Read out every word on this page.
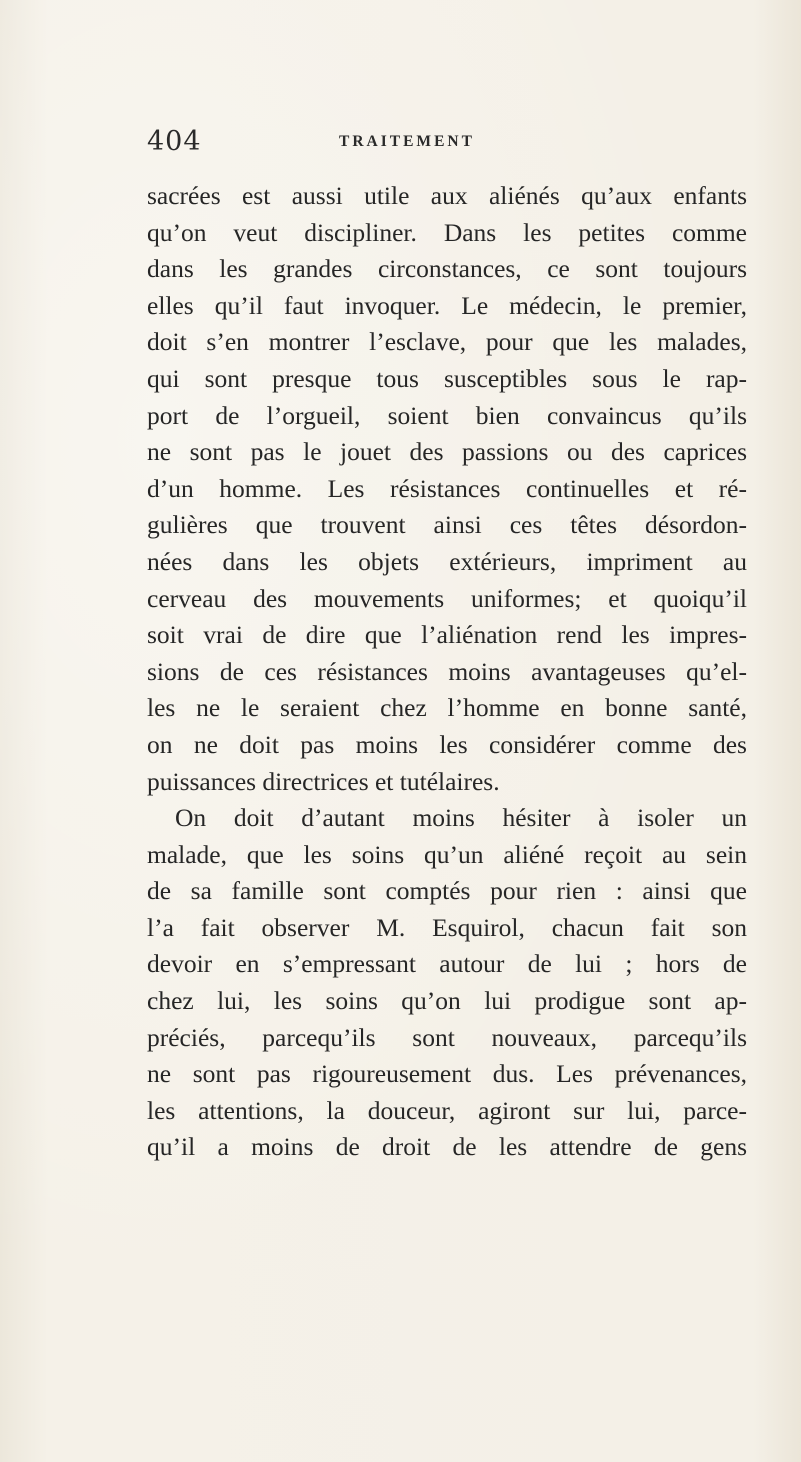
404	TRAITEMENT
sacrées est aussi utile aux aliénés qu’aux enfants
qu’on veut discipliner. Dans les petites comme
dans les grandes circonstances, ce sont toujours
elles qu’il faut invoquer. Le médecin, le premier,
doit s’en montrer l’esclave, pour que les malades,
qui sont presque tous susceptibles sous le rap-
port de l’orgueil, soient bien convaincus qu’ils
ne sont pas le jouet des passions ou des caprices
d’un homme. Les résistances continuelles et ré-
gulières que trouvent ainsi ces têtes désordon-
nées dans les objets extérieurs, impriment au
cerveau des mouvements uniformes; et quoiqu’il
soit vrai de dire que l’aliénation rend les impres-
sions de ces résistances moins avantageuses qu’el-
les ne le seraient chez l’homme en bonne santé,
on ne doit pas moins les considérer comme des
puissances directrices et tutélaires.
On doit d’autant moins hésiter à isoler un
malade, que les soins qu’un aliéné reçoit au sein
de sa famille sont comptés pour rien : ainsi que
l’a fait observer M. Esquirol, chacun fait son
devoir en s’empressant autour de lui ; hors de
chez lui, les soins qu’on lui prodigue sont ap-
préciés, parcequ’ils sont nouveaux, parcequ’ils
ne sont pas rigoureusement dus. Les prévenances,
les attentions, la douceur, agiront sur lui, parce-
qu’il a moins de droit de les attendre de gens
